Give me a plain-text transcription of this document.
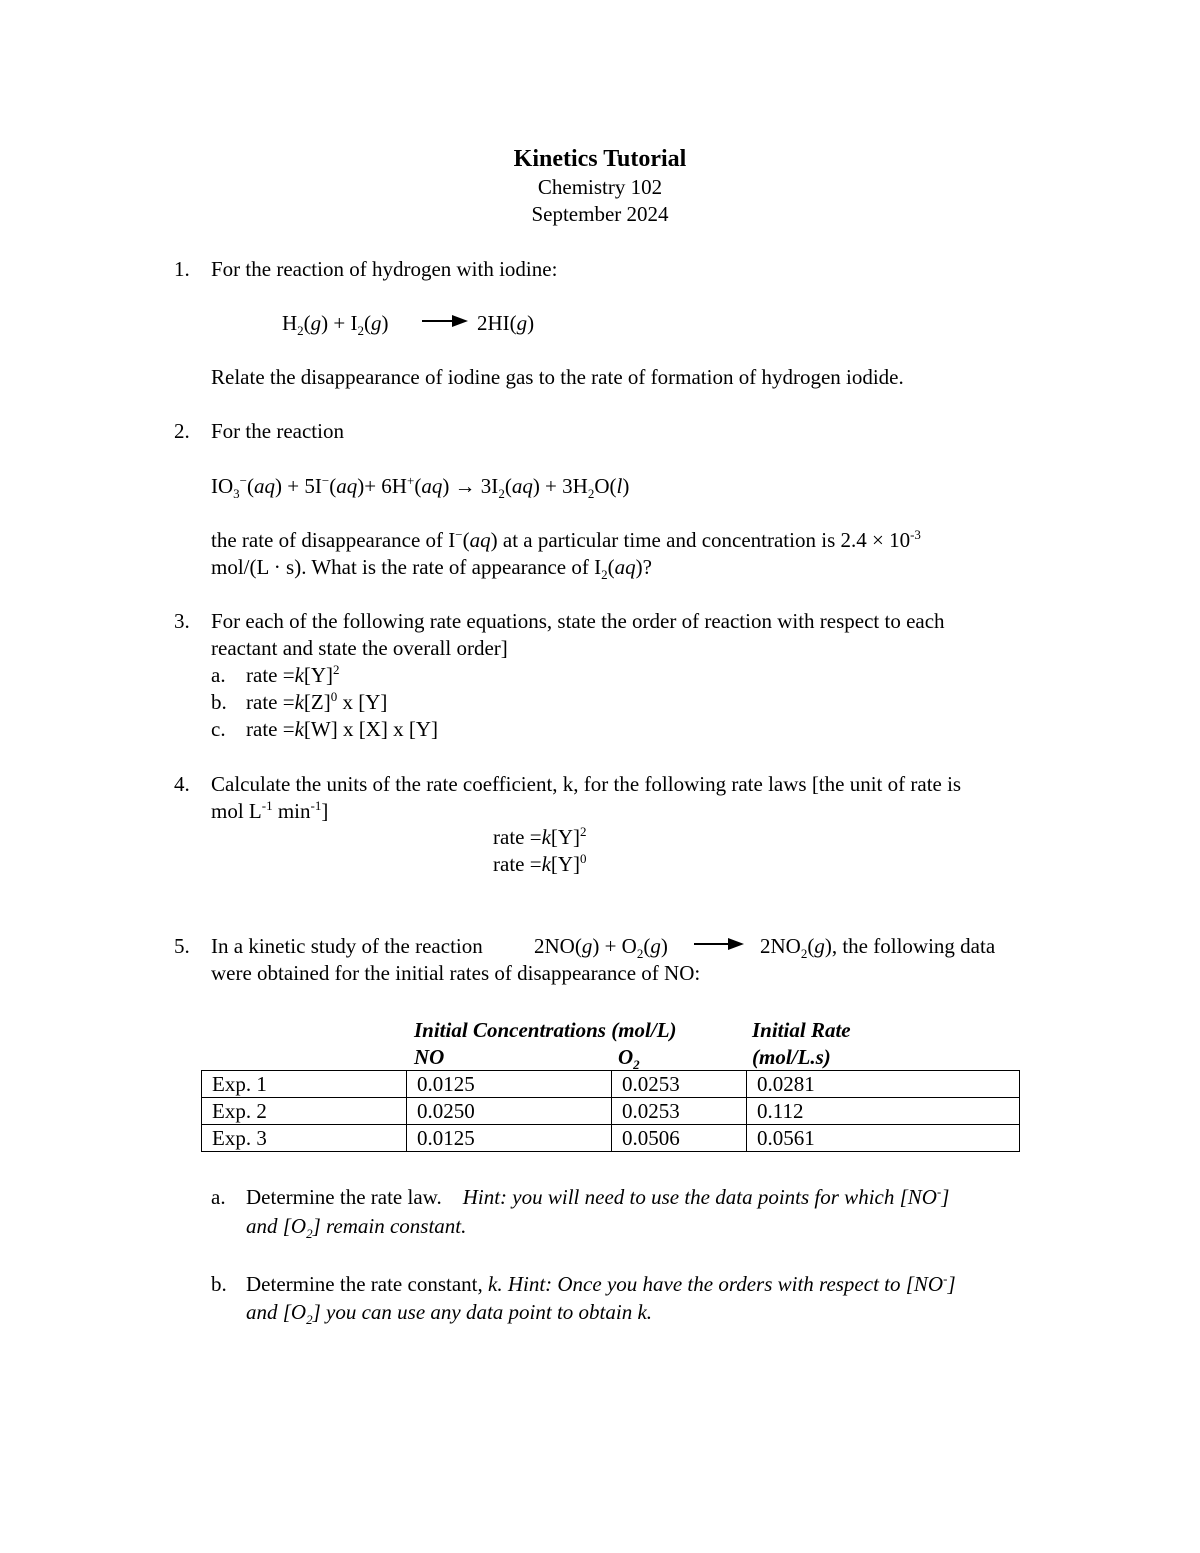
Kinetics Tutorial
Chemistry 102
September 2024
1. For the reaction of hydrogen with iodine:
$H_2(g) + I_2(g) \to 2HI(g)$
Relate the disappearance of iodine gas to the rate of formation of hydrogen iodide.
2. For the reaction
$IO_3^-(aq) + 5I^-(aq)+ 6H^+(aq) \to 3I_2(aq) + 3H_2O(l)$
the rate of disappearance of I−(aq) at a particular time and concentration is $2.4 \times 10^{-3}$
mol/(L · s). What is the rate of appearance of $I_2(aq)$?
3. For each of the following rate equations, state the order of reaction with respect to each
reactant and state the overall order]
a. rate $=k[Y]^2$
b. rate $=k[Z]^0$ x [Y]
c. rate =k[W] x [X] x [Y]
4. Calculate the units of the rate coefficient, k, for the following rate laws [the unit of rate is
mol $L^{-1}$ $\min^{-1}$]
rate $=k[Y]^2$
rate $=k[Y]^0$
5. In a kinetic study of the reaction $2NO(g) + O_2(g) \to 2NO_2(g)$, the following data
were obtained for the initial rates of disappearance of NO:
Initial Concentrations (mol/L)	Initial Rate
NO	$O_2$	(mol/L.s)
Exp. 1	0.0125	0.0253	0.0281
Exp. 2	0.0250	0.0253	0.112
Exp. 3	0.0125	0.0506	0.0561
a. Determine the rate law. Hint: you will need to use the data points for which [NO-]
and $[O_2]$ remain constant.
b. Determine the rate constant, k. Hint: Once you have the orders with respect to [NO-]
and $[O_2]$ you can use any data point to obtain k.
